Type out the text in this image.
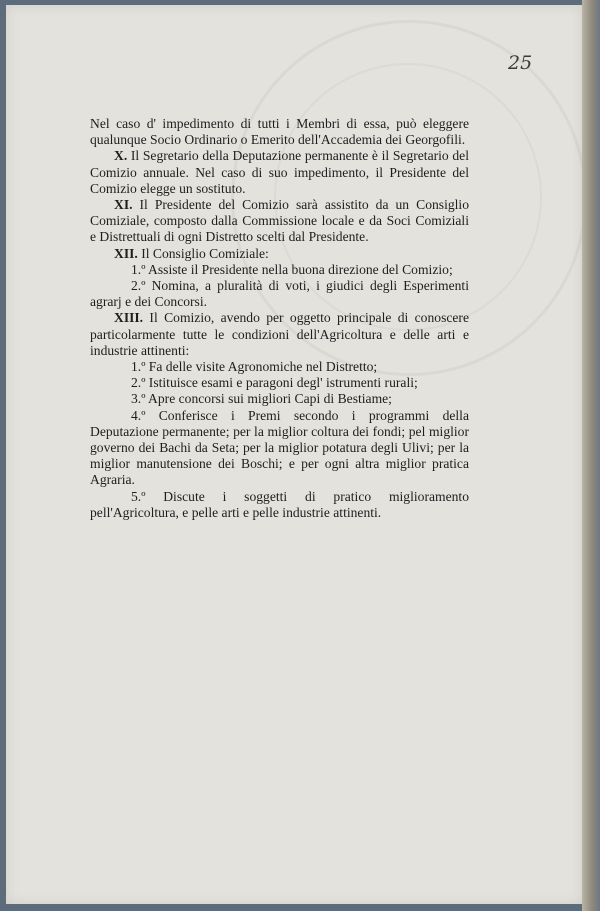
25

Nel caso d' impedimento di tutti i Membri di essa, può eleggere qualunque Socio Ordinario o Emerito dell'Accademia dei Georgofili.

X. Il Segretario della Deputazione permanente è il Segretario del Comizio annuale. Nel caso di suo impedimento, il Presidente del Comizio elegge un sostituto.

XI. Il Presidente del Comizio sarà assistito da un Consiglio Comiziale, composto dalla Commissione locale e da Soci Comiziali e Distrettuali di ogni Distretto scelti dal Presidente.

XII. Il Consiglio Comiziale:

1.º Assiste il Presidente nella buona direzione del Comizio;

2.º Nomina, a pluralità di voti, i giudici degli Esperimenti agrarj e dei Concorsi.

XIII. Il Comizio, avendo per oggetto principale di conoscere particolarmente tutte le condizioni dell'Agricoltura e delle arti e industrie attinenti:

1.º Fa delle visite Agronomiche nel Distretto;

2.º Istituisce esami e paragoni degl' istrumenti rurali;

3.º Apre concorsi sui migliori Capi di Bestiame;

4.º Conferisce i Premi secondo i programmi della Deputazione permanente; per la miglior coltura dei fondi; pel miglior governo dei Bachi da Seta; per la miglior potatura degli Ulivi; per la miglior manutensione dei Boschi; e per ogni altra miglior pratica Agraria.

5.º Discute i soggetti di pratico miglioramento pell'Agricoltura, e pelle arti e pelle industrie attinenti.
